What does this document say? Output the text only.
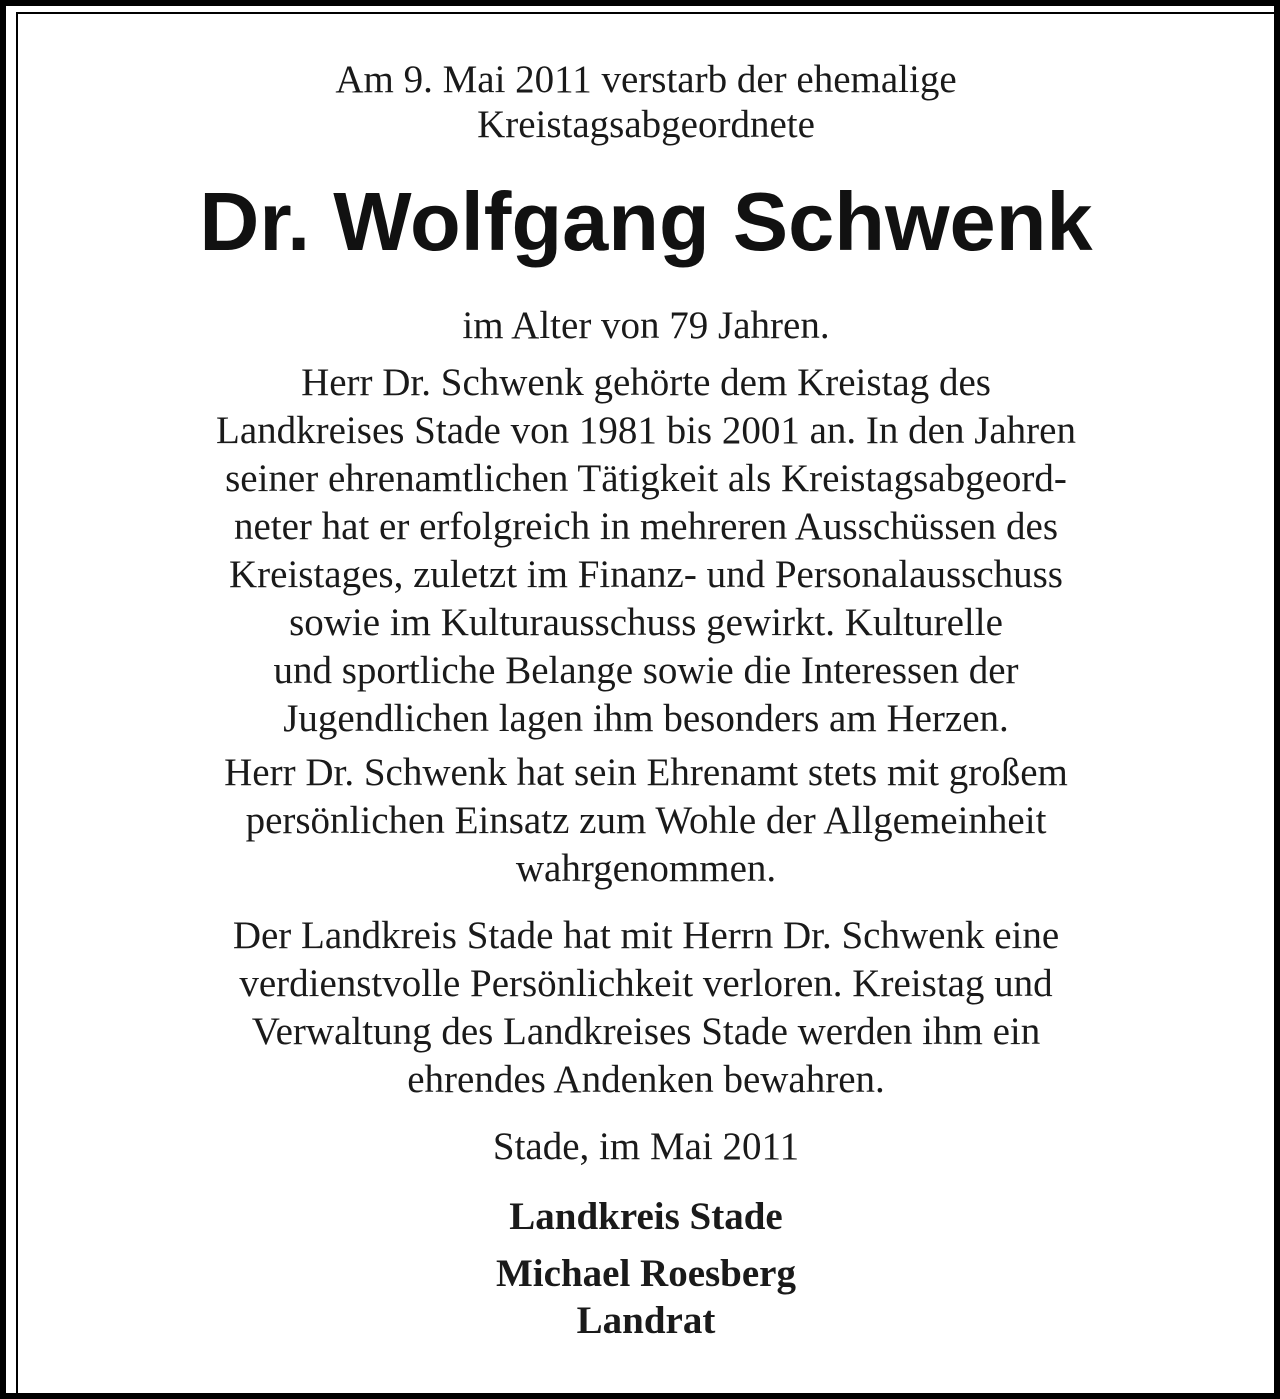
Am 9. Mai 2011 verstarb der ehemalige

Kreistagsabgeordnete

Dr. Wolfgang Schwenk

im Alter von 79 Jahren.

Herr Dr. Schwenk gehörte dem Kreistag des

Landkreises Stade von 1981 bis 2001 an. In den Jahren

seiner ehrenamtlichen Tätigkeit als Kreistagsabgeord-

neter hat er erfolgreich in mehreren Ausschüssen des

Kreistages, zuletzt im Finanz- und Personalausschuss

sowie im Kulturausschuss gewirkt. Kulturelle

und sportliche Belange sowie die Interessen der

Jugendlichen lagen ihm besonders am Herzen.

Herr Dr. Schwenk hat sein Ehrenamt stets mit großem

persönlichen Einsatz zum Wohle der Allgemeinheit

wahrgenommen.

Der Landkreis Stade hat mit Herrn Dr. Schwenk eine

verdienstvolle Persönlichkeit verloren. Kreistag und

Verwaltung des Landkreises Stade werden ihm ein

ehrendes Andenken bewahren.

Stade, im Mai 2011

Landkreis Stade

Michael Roesberg

Landrat
